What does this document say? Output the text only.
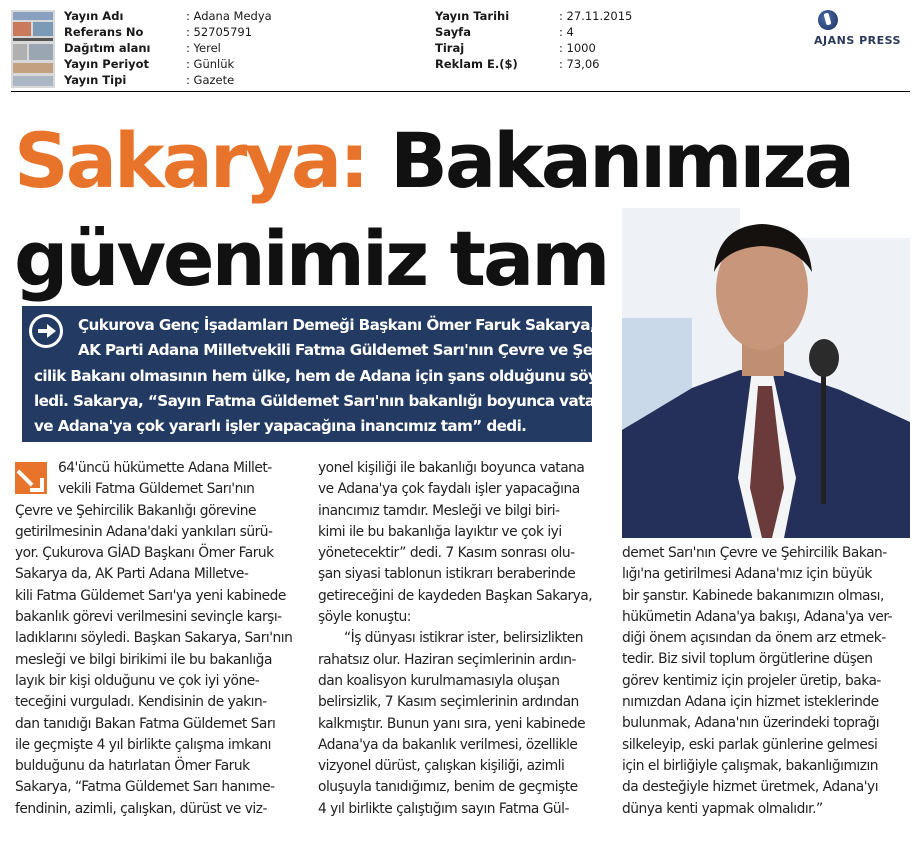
Yayın Adı	: Adana Medya
Referans No	: 52705791
Dağıtım alanı	: Yerel
Yayın Periyot	: Günlük
Yayın Tipi	: Gazete
Yayın Tarihi	: 27.11.2015
Sayfa	: 4
Tiraj	: 1000
Reklam E.($)	: 73,06
AJANS PRESS
Sakarya: Bakanımıza
güvenimiz tam
Çukurova Genç İşadamları Demeği Başkanı Ömer Faruk Sakarya,
AK Parti Adana Milletvekili Fatma Güldemet Sarı'nın Çevre ve Şehir-
cilik Bakanı olmasının hem ülke, hem de Adana için şans olduğunu söy-
ledi. Sakarya, “Sayın Fatma Güldemet Sarı'nın bakanlığı boyunca vatana
ve Adana'ya çok yararlı işler yapacağına inancımız tam” dedi.
64'üncü hükümette Adana Millet-
vekili Fatma Güldemet Sarı'nın
Çevre ve Şehircilik Bakanlığı görevine
getirilmesinin Adana'daki yankıları sürü-
yor. Çukurova GİAD Başkanı Ömer Faruk
Sakarya da, AK Parti Adana Milletve-
kili Fatma Güldemet Sarı'ya yeni kabinede
bakanlık görevi verilmesini sevinçle karşı-
ladıklarını söyledi. Başkan Sakarya, Sarı'nın
mesleği ve bilgi birikimi ile bu bakanlığa
layık bir kişi olduğunu ve çok iyi yöne-
teceğini vurguladı. Kendisinin de yakın-
dan tanıdığı Bakan Fatma Güldemet Sarı
ile geçmişte 4 yıl birlikte çalışma imkanı
bulduğunu da hatırlatan Ömer Faruk
Sakarya, “Fatma Güldemet Sarı hanıme-
fendinin, azimli, çalışkan, dürüst ve viz-
yonel kişiliği ile bakanlığı boyunca vatana
ve Adana'ya çok faydalı işler yapacağına
inancımız tamdır. Mesleği ve bilgi biri-
kimi ile bu bakanlığa layıktır ve çok iyi
yönetecektir” dedi. 7 Kasım sonrası olu-
şan siyasi tablonun istikrarı beraberinde
getireceğini de kaydeden Başkan Sakarya,
şöyle konuştu:
“İş dünyası istikrar ister, belirsizlikten
rahatsız olur. Haziran seçimlerinin ardın-
dan koalisyon kurulmamasıyla oluşan
belirsizlik, 7 Kasım seçimlerinin ardından
kalkmıştır. Bunun yanı sıra, yeni kabinede
Adana'ya da bakanlık verilmesi, özellikle
vizyonel dürüst, çalışkan kişiliği, azimli
oluşuyla tanıdığımız, benim de geçmişte
4 yıl birlikte çalıştığım sayın Fatma Gül-
demet Sarı'nın Çevre ve Şehircilik Bakan-
lığı'na getirilmesi Adana'mız için büyük
bir şanstır. Kabinede bakanımızın olması,
hükümetin Adana'ya bakışı, Adana'ya ver-
diği önem açısından da önem arz etmek-
tedir. Biz sivil toplum örgütlerine düşen
görev kentimiz için projeler üretip, baka-
nımızdan Adana için hizmet isteklerinde
bulunmak, Adana'nın üzerindeki toprağı
silkeleyip, eski parlak günlerine gelmesi
için el birliğiyle çalışmak, bakanlığımızın
da desteğiyle hizmet üretmek, Adana'yı
dünya kenti yapmak olmalıdır.”
